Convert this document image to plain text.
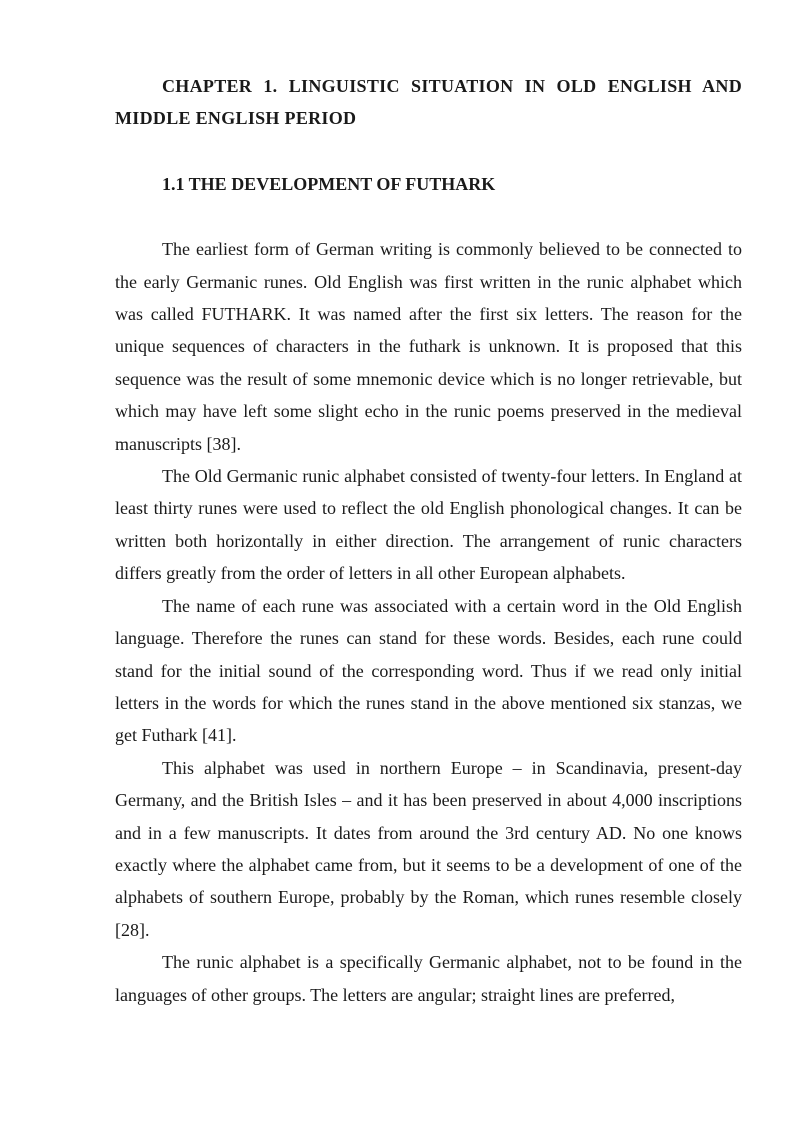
CHAPTER 1. LINGUISTIC SITUATION IN OLD ENGLISH AND MIDDLE ENGLISH PERIOD

1.1 THE DEVELOPMENT OF FUTHARK

The earliest form of German writing is commonly believed to be connected to the early Germanic runes. Old English was first written in the runic alphabet which was called FUTHARK. It was named after the first six letters. The reason for the unique sequences of characters in the futhark is unknown. It is proposed that this sequence was the result of some mnemonic device which is no longer retrievable, but which may have left some slight echo in the runic poems preserved in the medieval manuscripts [38].

The Old Germanic runic alphabet consisted of twenty-four letters. In England at least thirty runes were used to reflect the old English phonological changes. It can be written both horizontally in either direction. The arrangement of runic characters differs greatly from the order of letters in all other European alphabets.

The name of each rune was associated with a certain word in the Old English language. Therefore the runes can stand for these words. Besides, each rune could stand for the initial sound of the corresponding word. Thus if we read only initial letters in the words for which the runes stand in the above mentioned six stanzas, we get Futhark [41].

This alphabet was used in northern Europe – in Scandinavia, present-day Germany, and the British Isles – and it has been preserved in about 4,000 inscriptions and in a few manuscripts. It dates from around the 3rd century AD. No one knows exactly where the alphabet came from, but it seems to be a development of one of the alphabets of southern Europe, probably by the Roman, which runes resemble closely [28].

The runic alphabet is a specifically Germanic alphabet, not to be found in the languages of other groups. The letters are angular; straight lines are preferred,
